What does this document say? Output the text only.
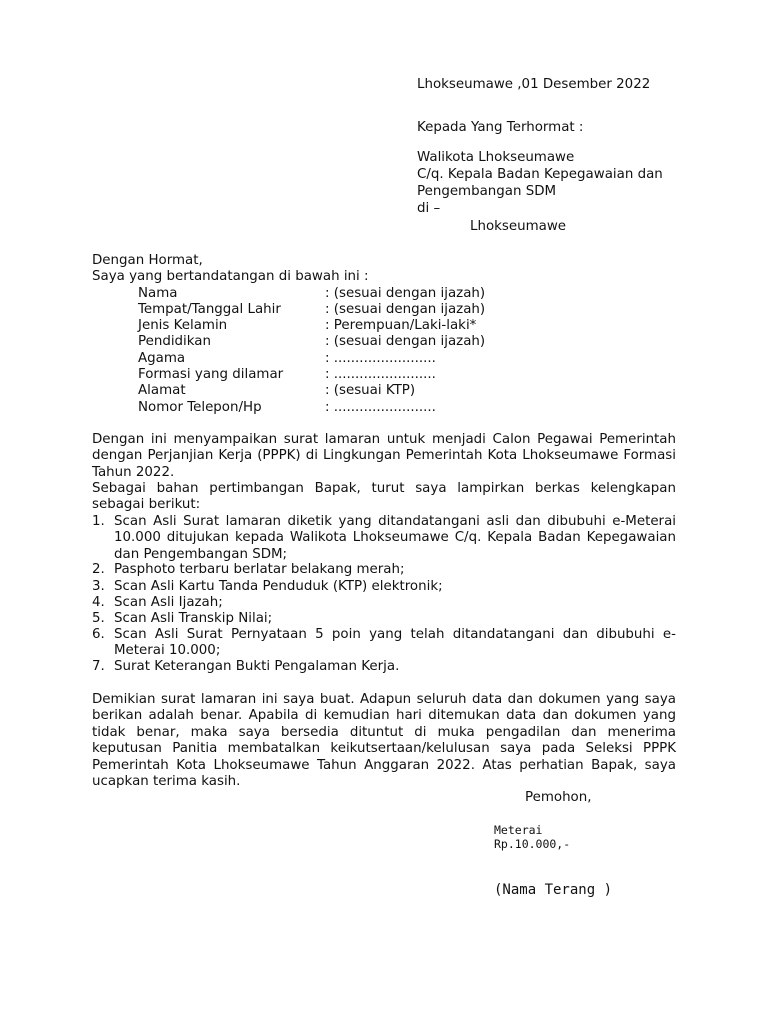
Lhokseumawe ,01 Desember 2022
Kepada Yang Terhormat :
Walikota Lhokseumawe
C/q. Kepala Badan Kepegawaian dan
Pengembangan SDM
di –
Lhokseumawe
Dengan Hormat,
Saya yang bertandatangan di bawah ini :
Nama	: (sesuai dengan ijazah)
Tempat/Tanggal Lahir	: (sesuai dengan ijazah)
Jenis Kelamin	: Perempuan/Laki-laki*
Pendidikan	: (sesuai dengan ijazah)
Agama	: ........................
Formasi yang dilamar	: ........................
Alamat	: (sesuai KTP)
Nomor Telepon/Hp	: ........................

Dengan ini menyampaikan surat lamaran untuk menjadi Calon Pegawai Pemerintah dengan Perjanjian Kerja (PPPK) di Lingkungan Pemerintah Kota Lhokseumawe Formasi Tahun 2022.

Sebagai bahan pertimbangan Bapak, turut saya lampirkan berkas kelengkapan sebagai berikut:

1. Scan Asli Surat lamaran diketik yang ditandatangani asli dan dibubuhi e-Meterai 10.000 ditujukan kepada Walikota Lhokseumawe C/q. Kepala Badan Kepegawaian dan Pengembangan SDM;
2. Pasphoto terbaru berlatar belakang merah;
3. Scan Asli Kartu Tanda Penduduk (KTP) elektronik;
4. Scan Asli Ijazah;
5. Scan Asli Transkip Nilai;
6. Scan Asli Surat Pernyataan 5 poin yang telah ditandatangani dan dibubuhi e-Meterai 10.000;
7. Surat Keterangan Bukti Pengalaman Kerja.

Demikian surat lamaran ini saya buat. Adapun seluruh data dan dokumen yang saya berikan adalah benar. Apabila di kemudian hari ditemukan data dan dokumen yang tidak benar, maka saya bersedia dituntut di muka pengadilan dan menerima keputusan Panitia membatalkan keikutsertaan/kelulusan saya pada Seleksi PPPK Pemerintah Kota Lhokseumawe Tahun Anggaran 2022. Atas perhatian Bapak, saya ucapkan terima kasih.

Pemohon,
Meterai
Rp.10.000,-
(Nama Terang )
